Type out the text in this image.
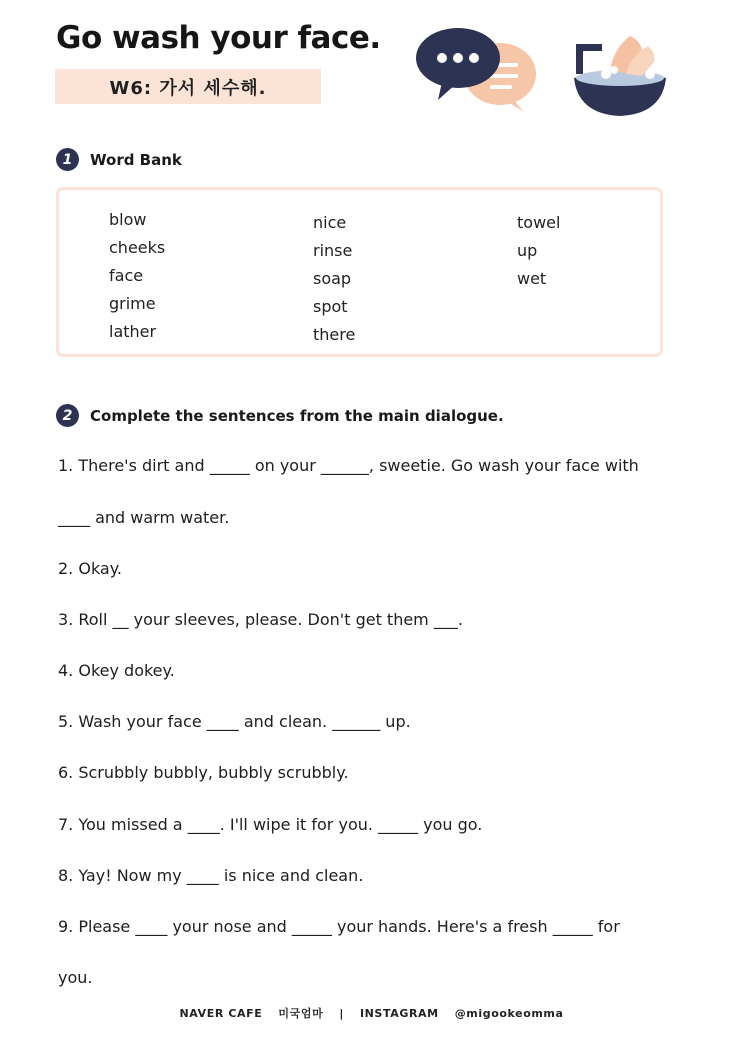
Go wash your face.
W6: 가서 세수해.
1	Word Bank
blow
cheeks
face
grime
lather
nice
rinse
soap
spot
there
towel
up
wet
2	Complete the sentences from the main dialogue.
1. There's dirt and _____ on your ______, sweetie. Go wash your face with
____ and warm water.
2. Okay.
3. Roll __ your sleeves, please. Don't get them ___.
4. Okey dokey.
5. Wash your face ____ and clean. ______ up.
6. Scrubbly bubbly, bubbly scrubbly.
7. You missed a ____. I'll wipe it for you. _____ you go.
8. Yay! Now my ____ is nice and clean.
9. Please ____ your nose and _____ your hands. Here's a fresh _____ for
you.
NAVER CAFE 미국엄마 | INSTAGRAM @migookeomma
